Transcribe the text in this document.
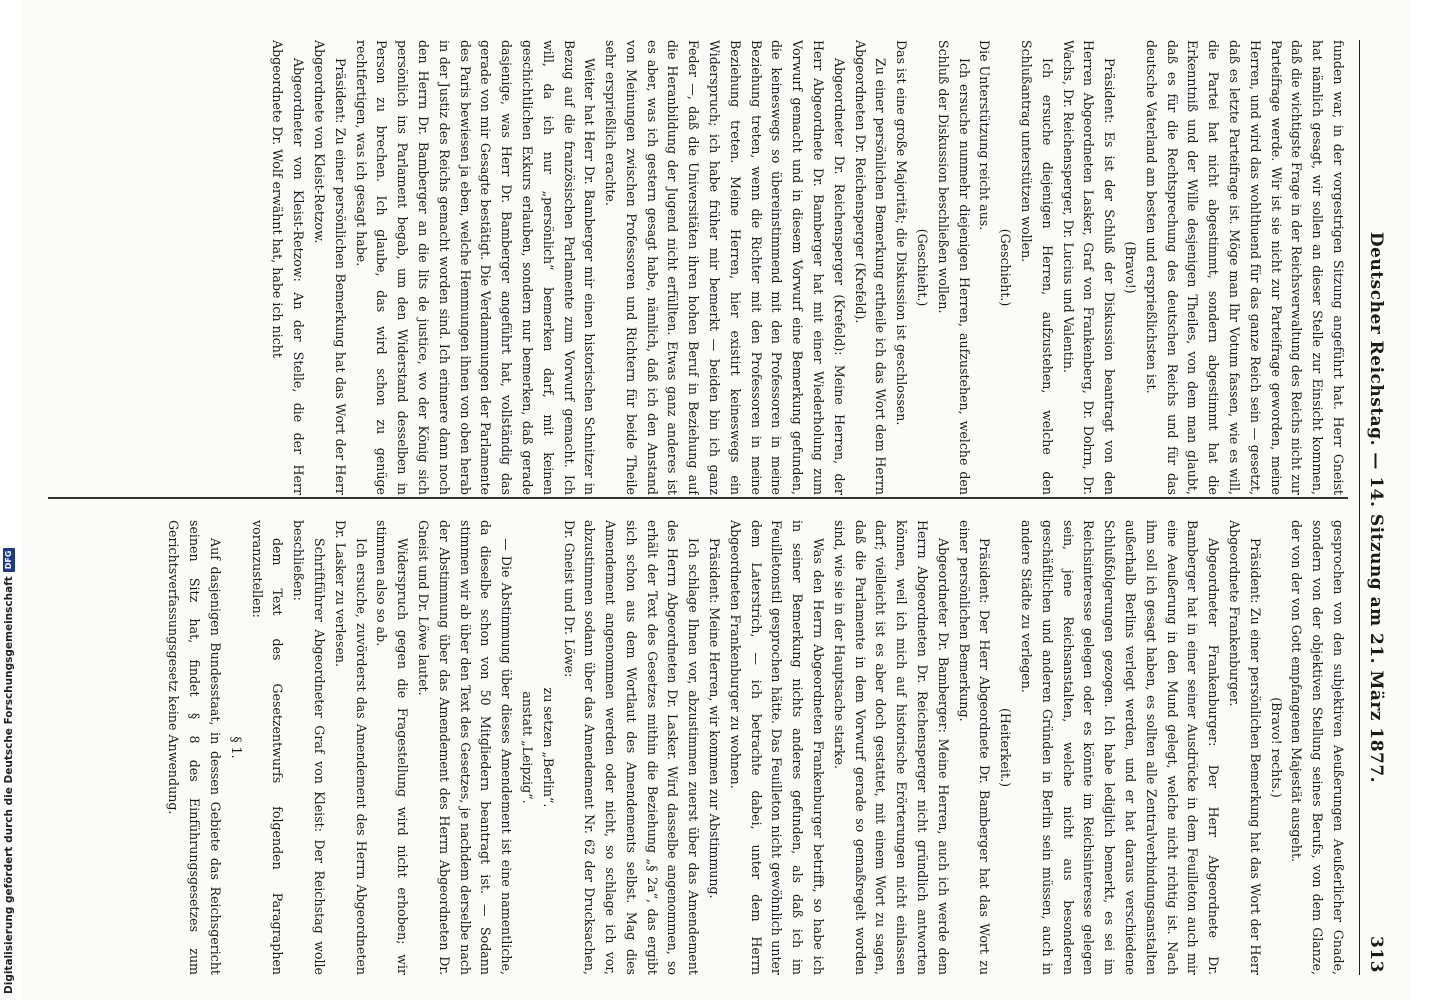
Deutscher Reichstag. — 14. Sitzung am 21. März 1877.
313

funden war, in der vorgestrigen Sitzung angeführt hat. Herr Gneist hat nämlich gesagt, wir sollen an dieser Stelle zur Einsicht kommen, daß die wichtigste Frage in der Reichsverwaltung des Reichs nicht zur Parteifrage werde. Wir ist sie nicht zur Parteifrage geworden, meine Herren, und wird das wohlthuend für das ganze Reich sein — gesetzt, daß es letzte Parteifrage ist. Möge man Ihr Votum fassen, wie es will, die Partei hat nicht abgestimmt, sondern abgestimmt hat die Erkenntniß und der Wille desjenigen Theiles, von dem man glaubt, daß es für die Rechtsprechung des deutschen Reichs und für das deutsche Vaterland am besten und ersprießlichsten ist.

(Bravo!)

Präsident: Es ist der Schluß der Diskussion beantragt von den Herren Abgeordneten Lasker, Graf von Frankenberg, Dr. Dohrn, Dr. Wachs, Dr. Reichensperger, Dr. Lucius und Valentin.

Ich ersuche diejenigen Herren, aufzustehen, welche den Schlußantrag unterstützen wollen.

(Geschieht.)

Die Unterstützung reicht aus.

Ich ersuche nunmehr diejenigen Herren, aufzustehen, welche den Schluß der Diskussion beschließen wollen.

(Geschieht.)

Das ist eine große Majorität; die Diskussion ist geschlossen.

Zu einer persönlichen Bemerkung ertheile ich das Wort dem Herrn Abgeordneten Dr. Reichensperger (Krefeld).

Abgeordneter Dr. Reichensperger (Krefeld): Meine Herren, der Herr Abgeordnete Dr. Bamberger hat mit einer Wiederholung zum Vorwurf gemacht und in diesem Vorwurf eine Bemerkung gefunden, die keineswegs so übereinstimmend mit den Professoren in meine Beziehung treten, wenn die Richter mit den Professoren in meine Beziehung treten. Meine Herren, hier existirt keineswegs ein Widerspruch; ich habe früher mir bemerkt — beiden bin ich ganz Feder —, daß die Universitäten ihren hohen Beruf in Beziehung auf die Heranbildung der Jugend nicht erfüllten. Etwas ganz anderes ist es aber, was ich gestern gesagt habe, nämlich, daß ich den Anstand von Meinungen zwischen Professoren und Richtern für beide Theile sehr ersprießlich erachte.

Weiter hat Herr Dr. Bamberger mir einen historischen Schnitzer in Bezug auf die französischen Parlamente zum Vorwurf gemacht. Ich will, da ich nur „persönlich“ bemerken darf, mit keinen geschichtlichen Exkurs erlauben, sondern nur bemerken, daß gerade dasjenige, was Herr Dr. Bamberger angeführt hat, vollständig das gerade von mir Gesagte bestätigt. Die Verdammungen der Parlamente des Paris bewiesen ja eben, welche Hemmungen ihnen von oben herab in der Justiz des Reichs gemacht worden sind. Ich erinnere dann noch den Herrn Dr. Bamberger an die lits de justice, wo der König sich persönlich ins Parlament begab, um den Widerstand desselben in Person zu brechen. Ich glaube, das wird schon zu genüge rechtfertigen, was ich gesagt habe.

Präsident: Zu einer persönlichen Bemerkung hat das Wort der Herr Abgeordnete von Kleist-Retzow.

Abgeordneter von Kleist-Retzow: An der Stelle, die der Herr Abgeordnete Dr. Wolf erwähnt hat, habe ich nicht

gesprochen von den subjektiven Aeußerungen Aeußerlicher Gnade, sondern von der objektiven Stellung seines Berufs, von dem Glanze, der von der von Gott empfangenen Majestät ausgeht.

(Bravo! rechts.)

Präsident: Zu einer persönlichen Bemerkung hat das Wort der Herr Abgeordnete Frankenburger.

Abgeordneter Frankenburger: Der Herr Abgeordnete Dr. Bamberger hat in einer seiner Ausdrücke in dem Feuilleton auch mir eine Aeußerung in den Mund gelegt, welche nicht richtig ist. Nach ihm soll ich gesagt haben, es sollten alle Zentralverbindungsanstalten außerhalb Berlins verlegt werden, und er hat daraus verschiedene Schlußfolgerungen gezogen. Ich habe lediglich bemerkt, es sei im Reichsinteresse gelegen oder es könnte im Reichsinteresse gelegen sein, jene Reichsanstalten, welche nicht aus besonderen geschäftlichen und anderen Gründen in Berlin sein müssen, auch in andere Städte zu verlegen.

(Heiterkeit.)

Präsident: Der Herr Abgeordnete Dr. Bamberger hat das Wort zu einer persönlichen Bemerkung.

Abgeordneter Dr. Bamberger: Meine Herren, auch ich werde dem Herrn Abgeordneten Dr. Reichensperger nicht gründlich antworten können, weil ich mich auf historische Erörterungen nicht einlassen darf; vielleicht ist es aber doch gestattet, mit einem Wort zu sagen, daß die Parlamente in dem Vorwurf gerade so gemaßregelt worden sind, wie sie in der Hauptsache starke.

Was den Herrn Abgeordneten Frankenburger betrifft, so habe ich in seiner Bemerkung nichts anderes gefunden, als daß ich im Feuilletonstil gesprochen hätte. Das Feuilleton nicht gewöhnlich unter dem Laterstrich, — ich betrachte dabei, unter dem Herrn Abgeordneten Frankenburger zu wohnen.

Präsident: Meine Herren, wir kommen zur Abstimmung.

Ich schlage Ihnen vor, abzustimmen zuerst über das Amendement des Herrn Abgeordneten Dr. Lasker. Wird dasselbe angenommen, so erhält der Text des Gesetzes mithin die Beziehung „§ 2a“, das ergibt sich schon aus dem Wortlaut des Amendements selbst. Mag dies Amendement angenommen werden oder nicht, so schlage ich vor, abzustimmen sodann über das Amendement Nr. 62 der Drucksachen, Dr. Gneist und Dr. Löwe:

zu setzen „Berlin“.

anstatt „Leipzig“.

— Die Abstimmung über dieses Amendement ist eine namentliche, da dieselbe schon von 50 Mitgliedern beantragt ist. — Sodann stimmen wir ab über den Text des Gesetzes, je nachdem derselbe nach der Abstimmung über das Amendement des Herrn Abgeordneten Dr. Gneist und Dr. Löwe lautet.

Widerspruch gegen die Fragestellung wird nicht erhoben; wir stimmen also so ab.

Ich ersuche, zuvörderst das Amendement des Herrn Abgeordneten Dr. Lasker zu verlesen.

Schriftführer Abgeordneter Graf von Kleist: Der Reichstag wolle beschließen:

dem Text des Gesetzentwurfs folgenden Paragraphen voranzustellen:

§ 1.

Auf dasjenigen Bundesstaat, in dessen Gebiete das Reichsgericht seinen Sitz hat, findet § 8 des Einführungsgesetzes zum Gerichtsverfassungsgesetz keine Anwendung.

Digitalisierung gefördert durch die Deutsche ForschungsgemeinschaftDFG
